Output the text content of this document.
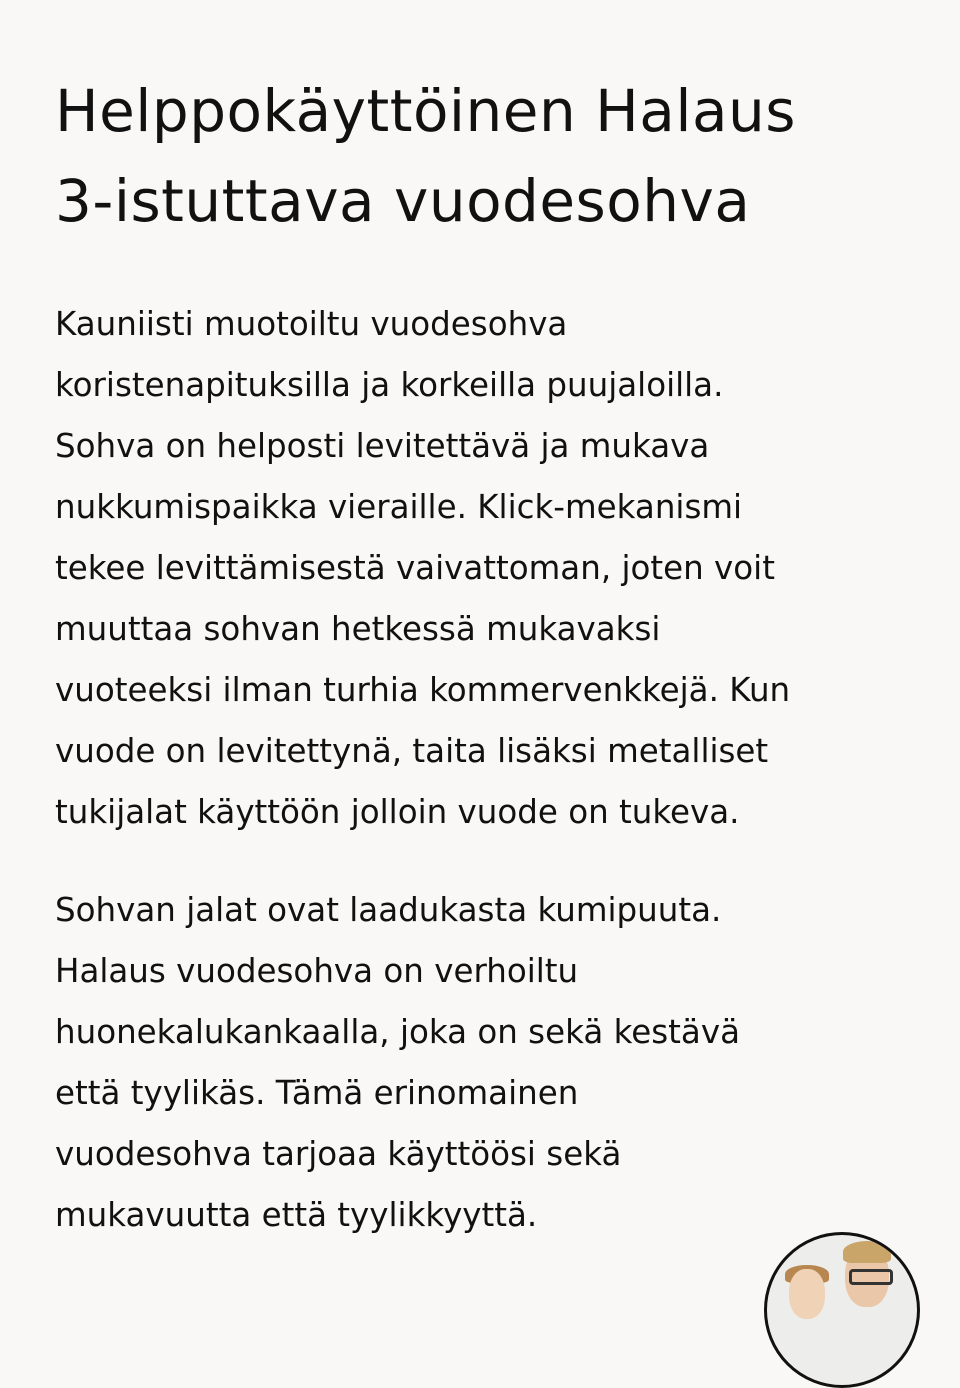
Helppokäyttöinen Halaus
3-istuttava vuodesohva

Kauniisti muotoiltu vuodesohva
koristenapituksilla ja korkeilla puujaloilla.
Sohva on helposti levitettävä ja mukava
nukkumispaikka vieraille. Klick-mekanismi
tekee levittämisestä vaivattoman, joten voit
muuttaa sohvan hetkessä mukavaksi
vuoteeksi ilman turhia kommervenkkejä. Kun
vuode on levitettynä, taita lisäksi metalliset
tukijalat käyttöön jolloin vuode on tukeva.

Sohvan jalat ovat laadukasta kumipuuta.
Halaus vuodesohva on verhoiltu
huonekalukankaalla, joka on sekä kestävä
että tyylikäs. Tämä erinomainen
vuodesohva tarjoaa käyttöösi sekä
mukavuutta että tyylikkyyttä.
